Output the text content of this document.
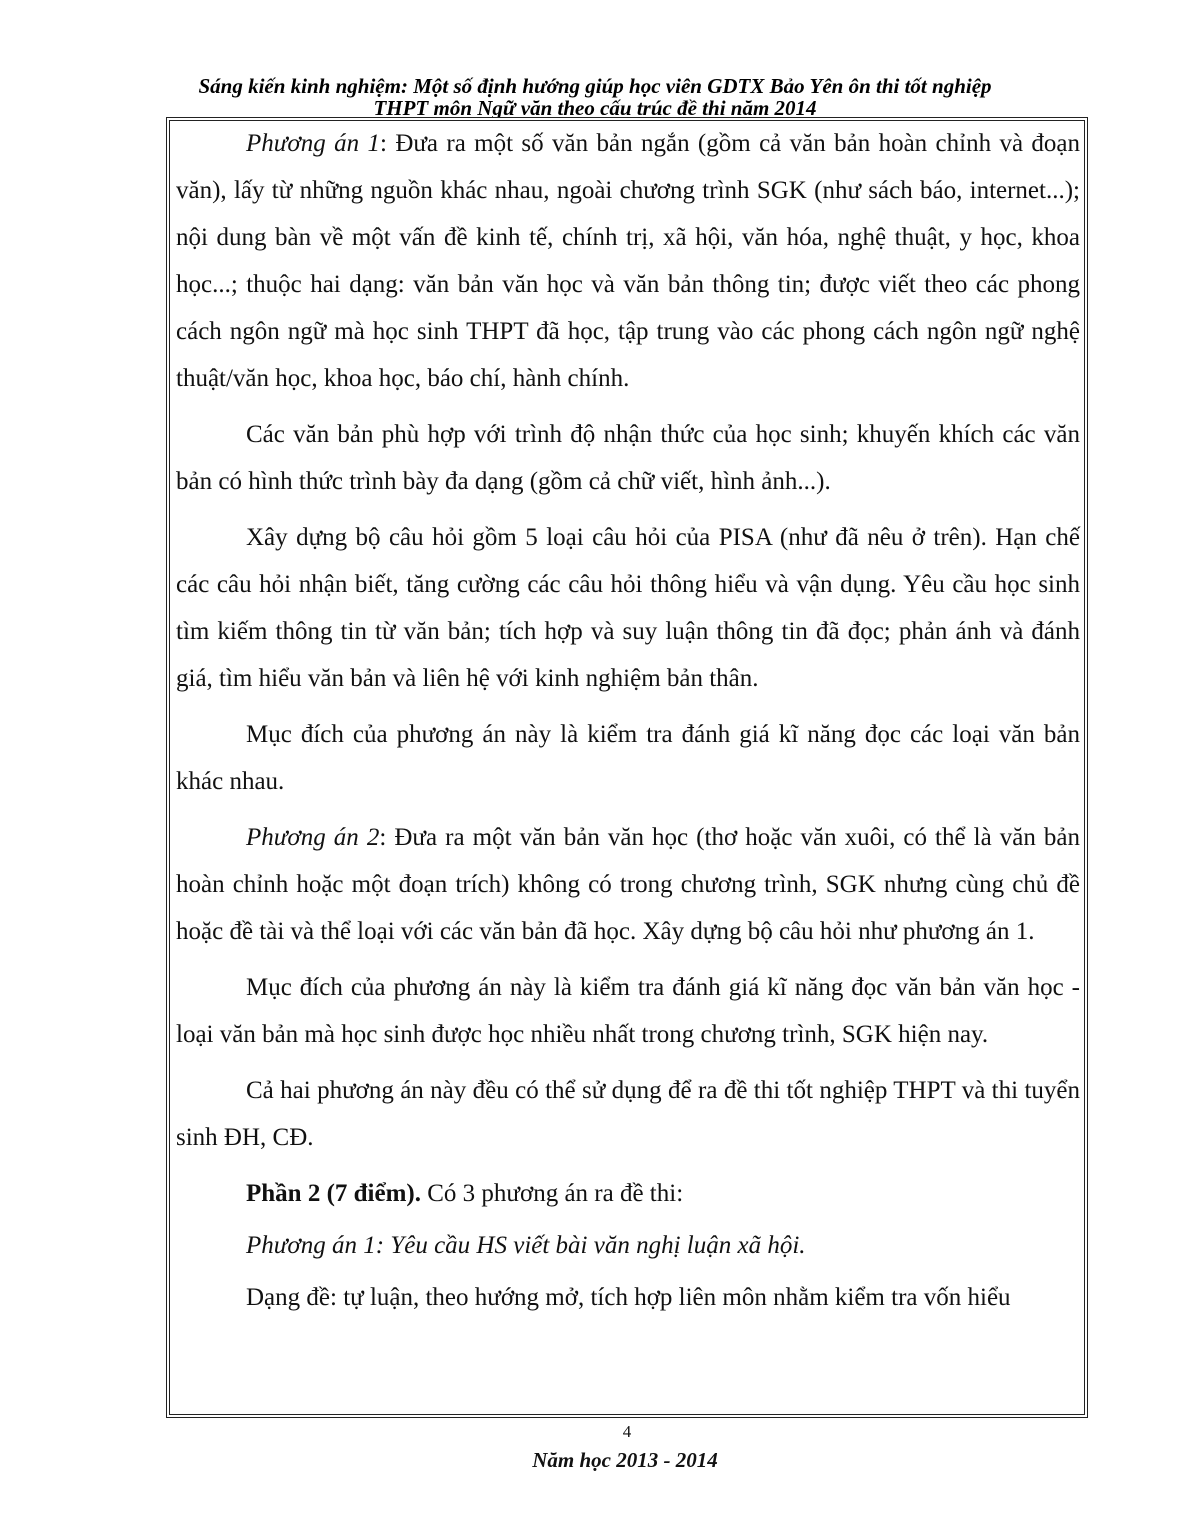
Sáng kiến kinh nghiệm: Một số định hướng giúp học viên GDTX Bảo Yên ôn thi tốt nghiệp
THPT môn Ngữ văn theo cấu trúc đề thi năm 2014

Phương án 1: Đưa ra một số văn bản ngắn (gồm cả văn bản hoàn chỉnh và đoạn văn), lấy từ những nguồn khác nhau, ngoài chương trình SGK (như sách báo, internet...); nội dung bàn về một vấn đề kinh tế, chính trị, xã hội, văn hóa, nghệ thuật, y học, khoa học...; thuộc hai dạng: văn bản văn học và văn bản thông tin; được viết theo các phong cách ngôn ngữ mà học sinh THPT đã học, tập trung vào các phong cách ngôn ngữ nghệ thuật/văn học, khoa học, báo chí, hành chính.

Các văn bản phù hợp với trình độ nhận thức của học sinh; khuyến khích các văn bản có hình thức trình bày đa dạng (gồm cả chữ viết, hình ảnh...).

Xây dựng bộ câu hỏi gồm 5 loại câu hỏi của PISA (như đã nêu ở trên). Hạn chế các câu hỏi nhận biết, tăng cường các câu hỏi thông hiểu và vận dụng. Yêu cầu học sinh tìm kiếm thông tin từ văn bản; tích hợp và suy luận thông tin đã đọc; phản ánh và đánh giá, tìm hiểu văn bản và liên hệ với kinh nghiệm bản thân.

Mục đích của phương án này là kiểm tra đánh giá kĩ năng đọc các loại văn bản khác nhau.

Phương án 2: Đưa ra một văn bản văn học (thơ hoặc văn xuôi, có thể là văn bản hoàn chỉnh hoặc một đoạn trích) không có trong chương trình, SGK nhưng cùng chủ đề hoặc đề tài và thể loại với các văn bản đã học. Xây dựng bộ câu hỏi như phương án 1.

Mục đích của phương án này là kiểm tra đánh giá kĩ năng đọc văn bản văn học - loại văn bản mà học sinh được học nhiều nhất trong chương trình, SGK hiện nay.

Cả hai phương án này đều có thể sử dụng để ra đề thi tốt nghiệp THPT và thi tuyển sinh ĐH, CĐ.

Phần 2 (7 điểm). Có 3 phương án ra đề thi:

Phương án 1: Yêu cầu HS viết bài văn nghị luận xã hội.

Dạng đề: tự luận, theo hướng mở, tích hợp liên môn nhằm kiểm tra vốn hiểu

4
Năm học 2013 - 2014
